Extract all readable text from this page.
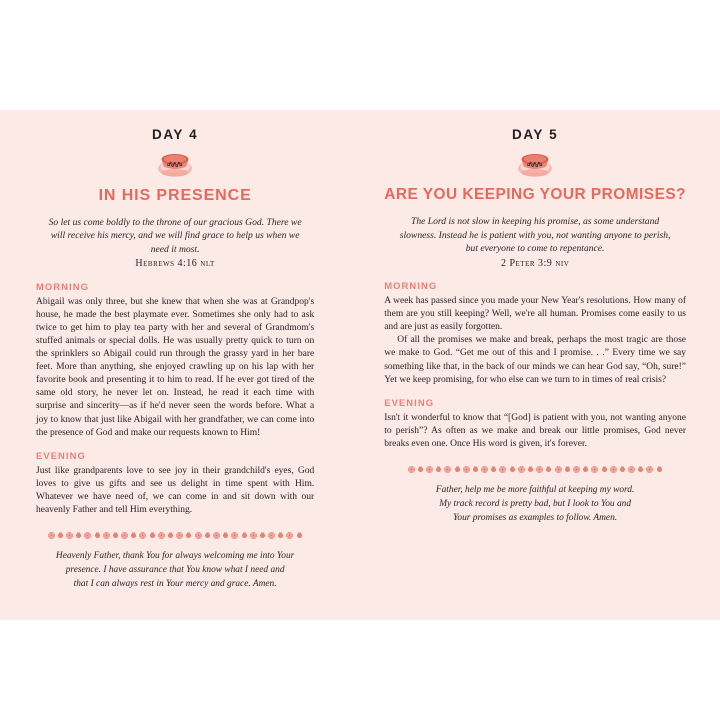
DAY 4
IN HIS PRESENCE
So let us come boldly to the throne of our gracious God. There we will receive his mercy, and we will find grace to help us when we need it most.
Hebrews 4:16 nlt
MORNING

Abigail was only three, but she knew that when she was at Grandpop's house, he made the best playmate ever. Sometimes she only had to ask twice to get him to play tea party with her and several of Grandmom's stuffed animals or special dolls. He was usually pretty quick to turn on the sprinklers so Abigail could run through the grassy yard in her bare feet. More than anything, she enjoyed crawling up on his lap with her favorite book and presenting it to him to read. If he ever got tired of the same old story, he never let on. Instead, he read it each time with surprise and sincerity—as if he'd never seen the words before. What a joy to know that just like Abigail with her grandfather, we can come into the presence of God and make our requests known to Him!

EVENING

Just like grandparents love to see joy in their grandchild's eyes, God loves to give us gifts and see us delight in time spent with Him. Whatever we have need of, we can come in and sit down with our heavenly Father and tell Him everything.

Heavenly Father, thank You for always welcoming me into Your
presence. I have assurance that You know what I need and
that I can always rest in Your mercy and grace. Amen.
DAY 5
ARE YOU KEEPING YOUR PROMISES?
The Lord is not slow in keeping his promise, as some understand slowness. Instead he is patient with you, not wanting anyone to perish, but everyone to come to repentance.
2 Peter 3:9 niv
MORNING

A week has passed since you made your New Year's resolutions. How many of them are you still keeping? Well, we're all human. Promises come easily to us and are just as easily forgotten.

Of all the promises we make and break, perhaps the most tragic are those we make to God. “Get me out of this and I promise. . .” Every time we say something like that, in the back of our minds we can hear God say, “Oh, sure!” Yet we keep promising, for who else can we turn to in times of real crisis?

EVENING

Isn't it wonderful to know that “[God] is patient with you, not wanting anyone to perish”? As often as we make and break our little promises, God never breaks even one. Once His word is given, it's forever.

Father, help me be more faithful at keeping my word.
My track record is pretty bad, but I look to You and
Your promises as examples to follow. Amen.
